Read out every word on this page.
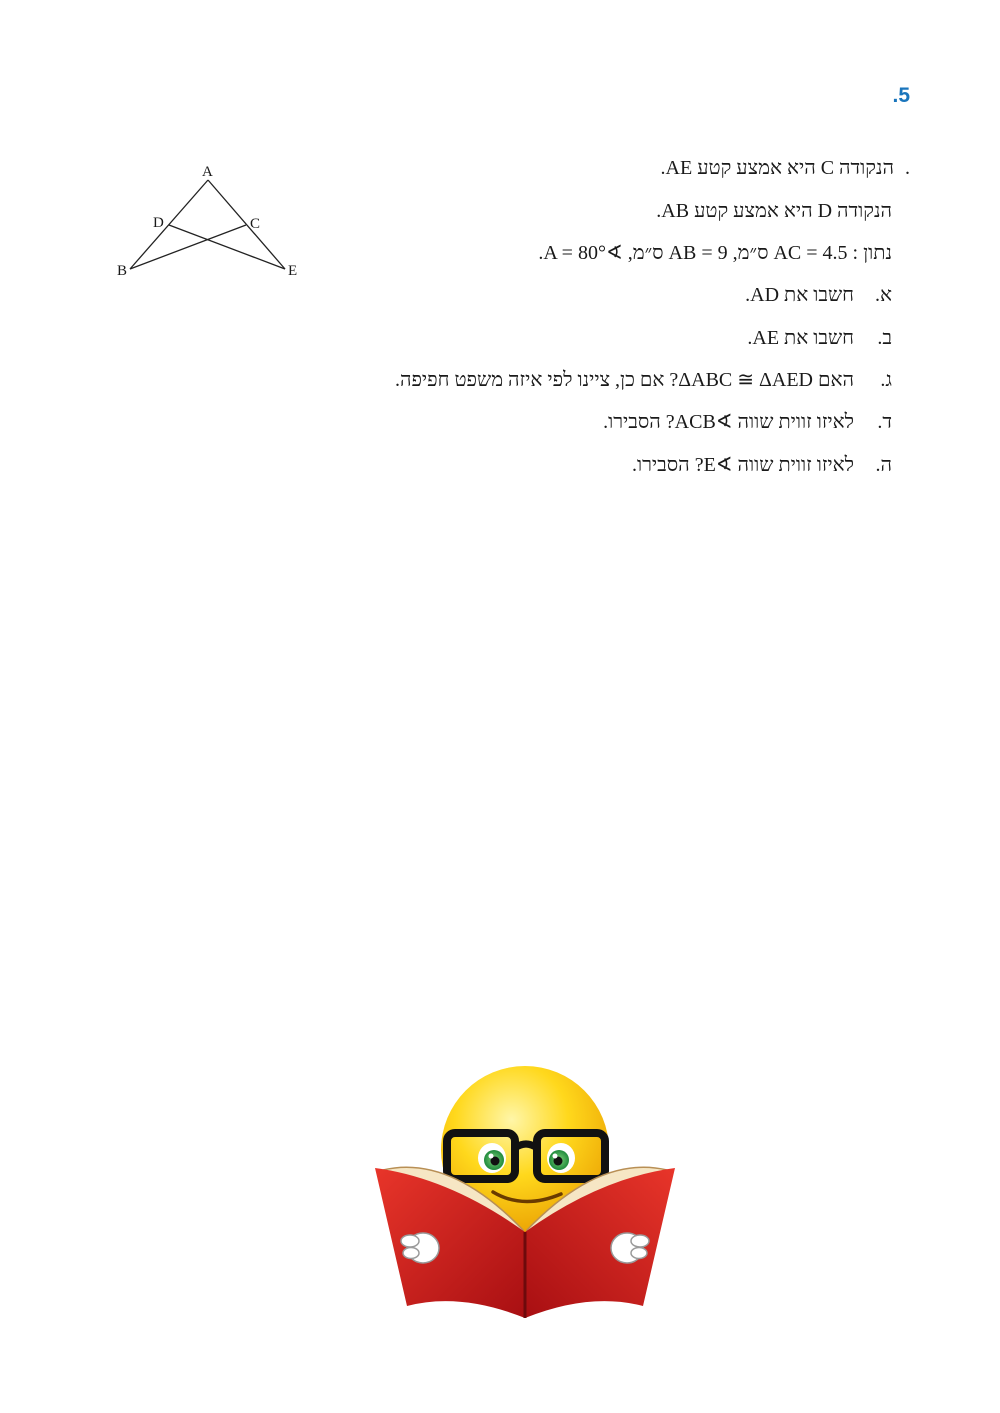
.5
.הנקודה C היא אמצע קטע AE.
הנקודה D היא אמצע קטע AB.
נתון : AC = 4.5 ס״מ, AB = 9 ס״מ, ∢A = 80°.
א.חשבו את AD.
ב.חשבו את AE.
ג.האם ΔABC ≅ ΔAED? אם כן, ציינו לפי איזה משפט חפיפה.
ד.לאיזו זווית שווה ∢ACB? הסבירו.
ה.לאיזו זווית שווה ∢E? הסבירו.
A
D	C
B	E
